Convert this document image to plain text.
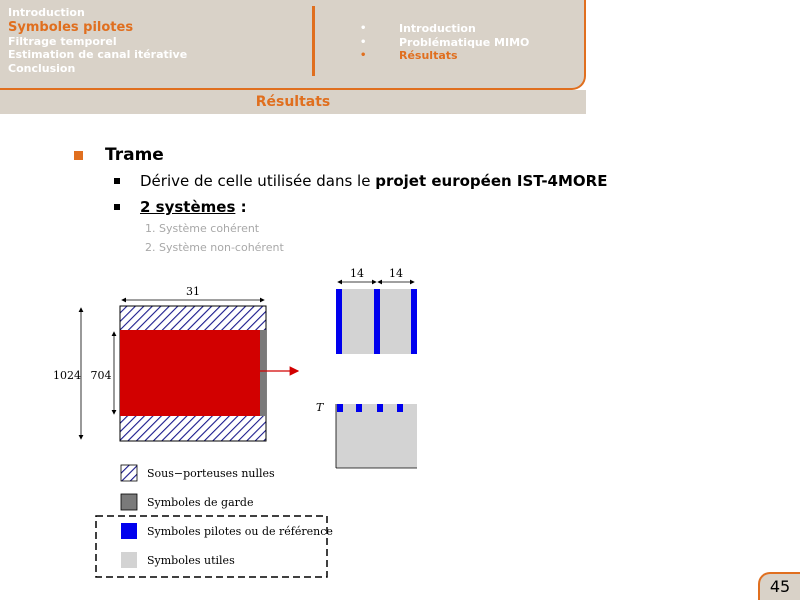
Introduction
Symboles pilotes
Filtrage temporel
Estimation de canal itérative
Conclusion
•	Introduction
•	Problématique MIMO
•	Résultats
Résultats
Trame
Dérive de celle utilisée dans le projet européen IST-4MORE
2 systèmes :
1. Système cohérent
2. Système non-cohérent
31
1024 704
14 14
T
Sous−porteuses nulles
Symboles de garde
Symboles pilotes ou de référence
Symboles utiles
45
